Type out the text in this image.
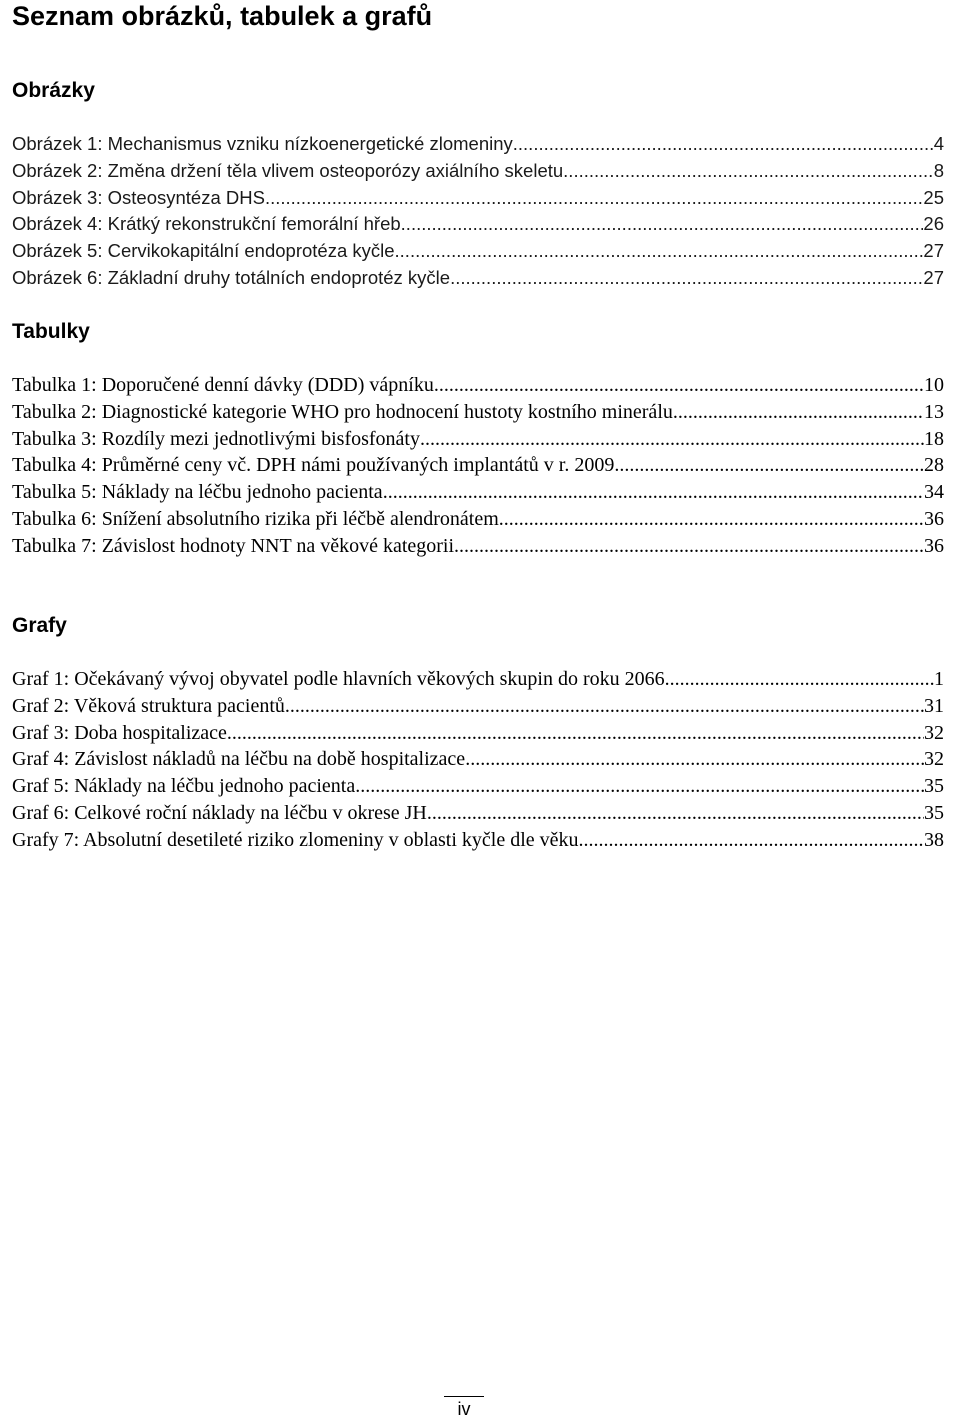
Seznam obrázků, tabulek a grafů
Obrázky
Obrázek 1: Mechanismus vzniku nízkoenergetické zlomeniny .....	4
Obrázek 2: Změna držení těla vlivem osteoporózy axiálního skeletu .....	8
Obrázek 3: Osteosyntéza DHS .....	25
Obrázek 4: Krátký rekonstrukční femorální hřeb .....	26
Obrázek 5: Cervikokapitální endoprotéza kyčle .....	27
Obrázek 6: Základní druhy totálních endoprotéz kyčle .....	27
Tabulky
Tabulka 1: Doporučené denní dávky (DDD) vápníku .....	10
Tabulka 2: Diagnostické kategorie WHO pro hodnocení hustoty kostního minerálu. .....	13
Tabulka 3: Rozdíly mezi jednotlivými bisfosfonáty .....	18
Tabulka 4: Průměrné ceny vč. DPH námi používaných implantátů v r. 2009 .....	28
Tabulka 5: Náklady na léčbu jednoho pacienta .....	34
Tabulka 6: Snížení absolutního rizika při léčbě alendronátem .....	36
Tabulka 7: Závislost hodnoty NNT na věkové kategorii .....	36
Grafy
Graf 1: Očekávaný vývoj obyvatel podle hlavních věkových skupin do roku 2066 .....	1
Graf 2: Věková struktura pacientů .....	31
Graf 3: Doba hospitalizace .....	32
Graf 4: Závislost nákladů na léčbu na době hospitalizace .....	32
Graf 5: Náklady na léčbu jednoho pacienta .....	35
Graf 6: Celkové roční náklady na léčbu v okrese JH .....	35
Grafy 7: Absolutní desetileté riziko zlomeniny v oblasti kyčle dle věku .....	38
iv
